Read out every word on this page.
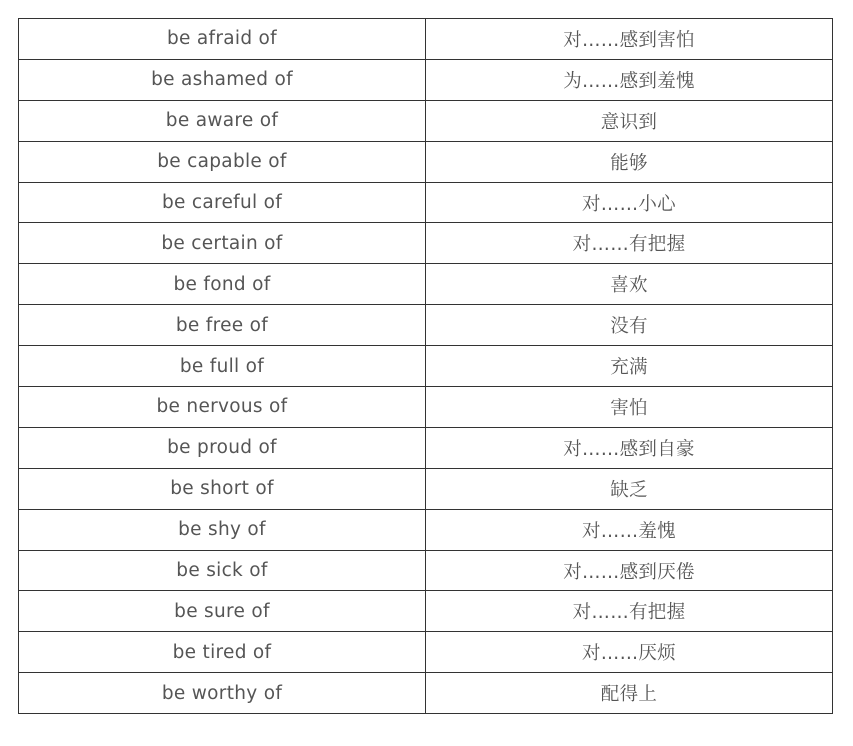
be afraid of	对……感到害怕
be ashamed of	为……感到羞愧
be aware of	意识到
be capable of	能够
be careful of	对……小心
be certain of	对……有把握
be fond of	喜欢
be free of	没有
be full of	充满
be nervous of	害怕
be proud of	对……感到自豪
be short of	缺乏
be shy of	对……羞愧
be sick of	对……感到厌倦
be sure of	对……有把握
be tired of	对……厌烦
be worthy of	配得上
